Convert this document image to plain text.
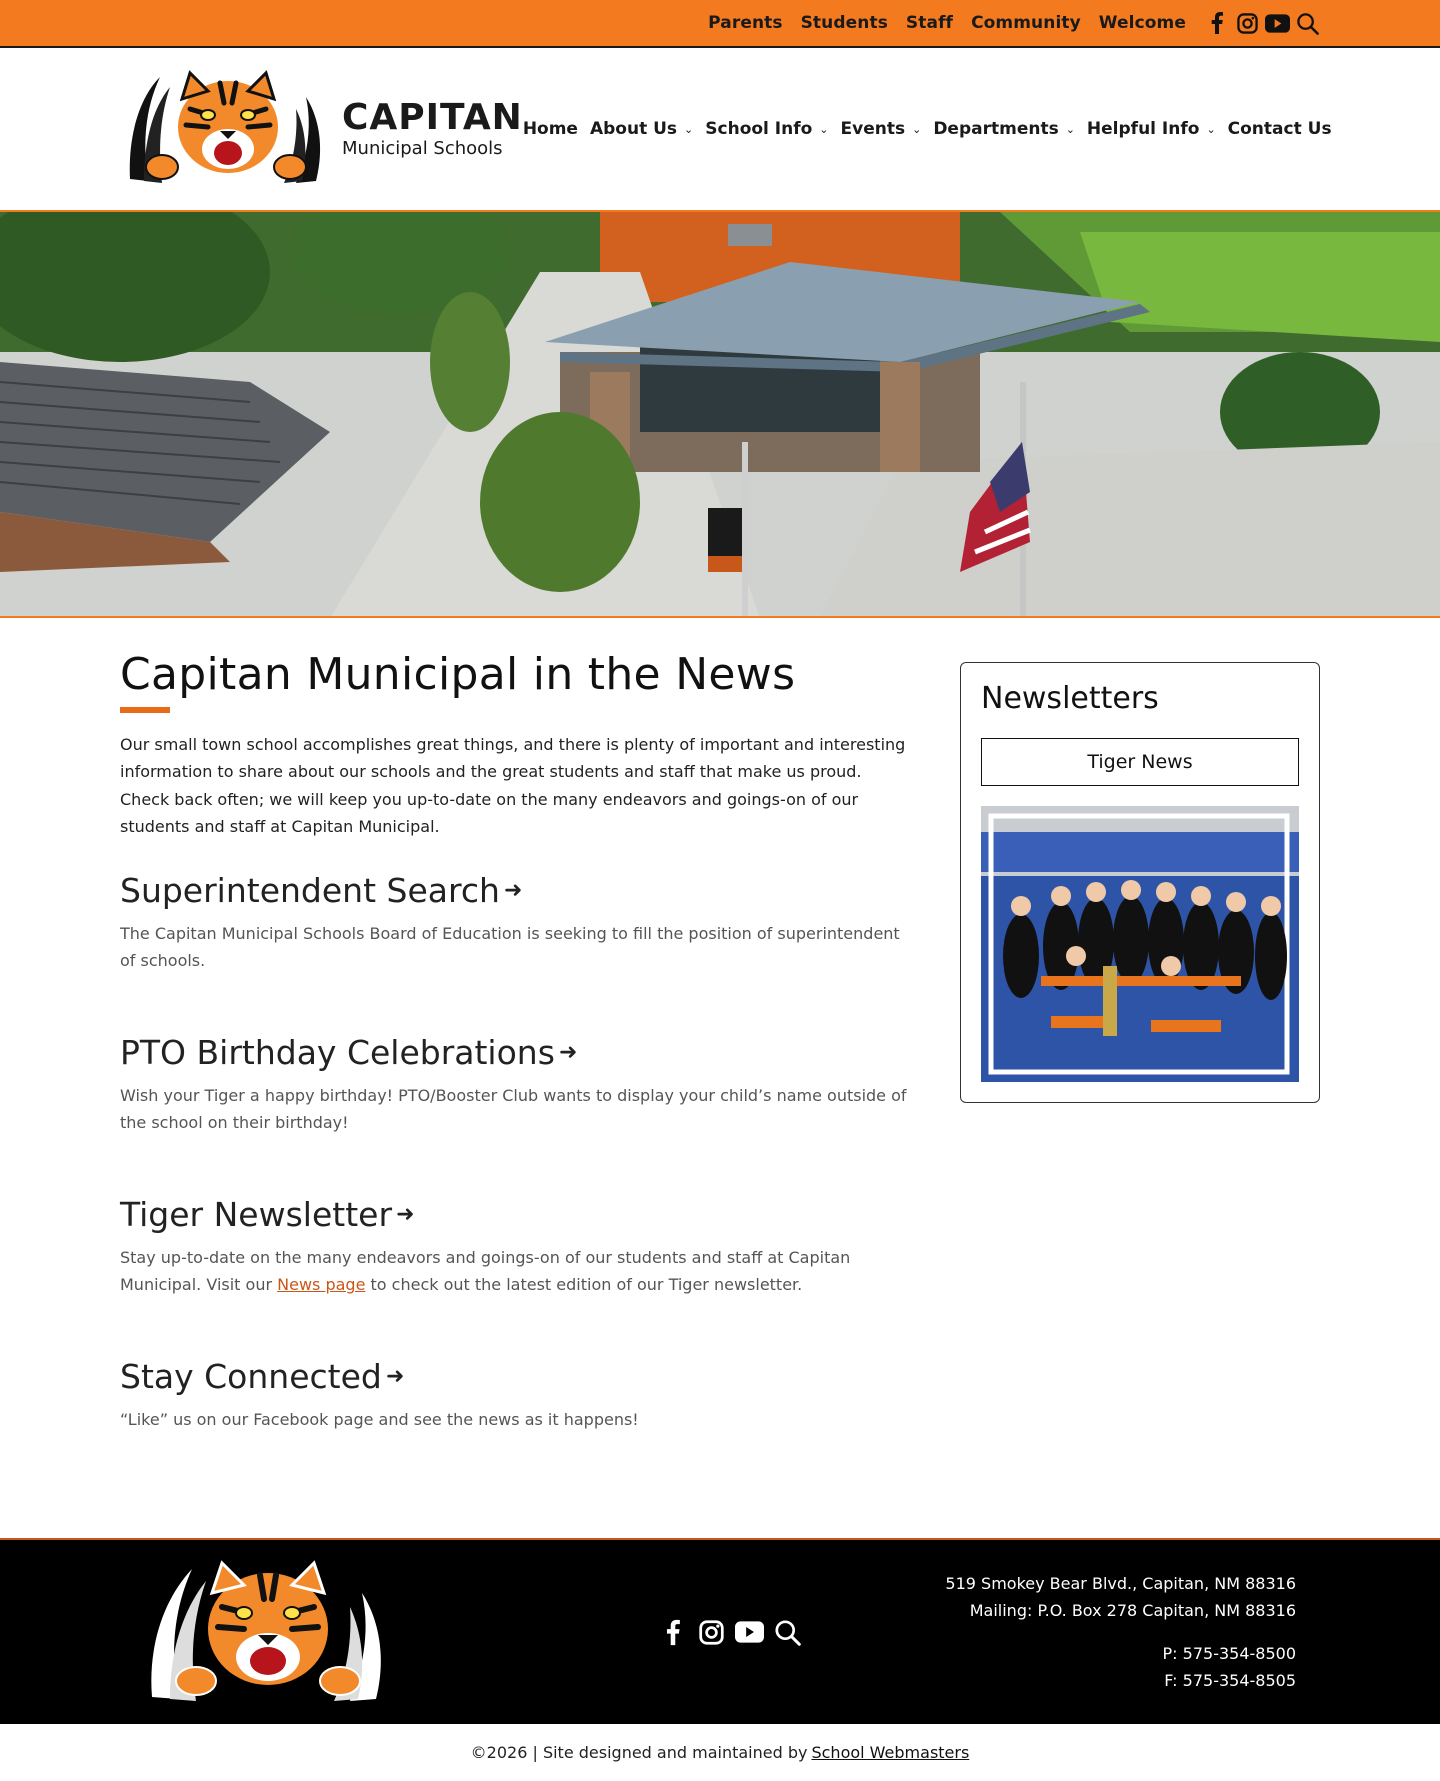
Parents Students Staff Community Welcome
CAPITAN
Municipal Schools
Home About Us ⌄ School Info ⌄ Events ⌄ Departments ⌄ Helpful Info ⌄ Contact Us
Capitan Municipal in the News

Our small town school accomplishes great things, and there is plenty of important and interesting information to share about our schools and the great students and staff that make us proud. Check back often; we will keep you up-to-date on the many endeavors and goings-on of our students and staff at Capitan Municipal.

Superintendent Search ➜

The Capitan Municipal Schools Board of Education is seeking to fill the position of superintendent of schools.

PTO Birthday Celebrations ➜

Wish your Tiger a happy birthday! PTO/Booster Club wants to display your child’s name outside of the school on their birthday!

Tiger Newsletter ➜

Stay up-to-date on the many endeavors and goings-on of our students and staff at Capitan Municipal. Visit our News page to check out the latest edition of our Tiger newsletter.

Stay Connected ➜

“Like” us on our Facebook page and see the news as it happens!

Newsletters
Tiger News
519 Smokey Bear Blvd., Capitan, NM 88316
Mailing: P.O. Box 278 Capitan, NM 88316
P: 575-354-8500
F: 575-354-8505
©2026 | Site designed and maintained by School Webmasters
